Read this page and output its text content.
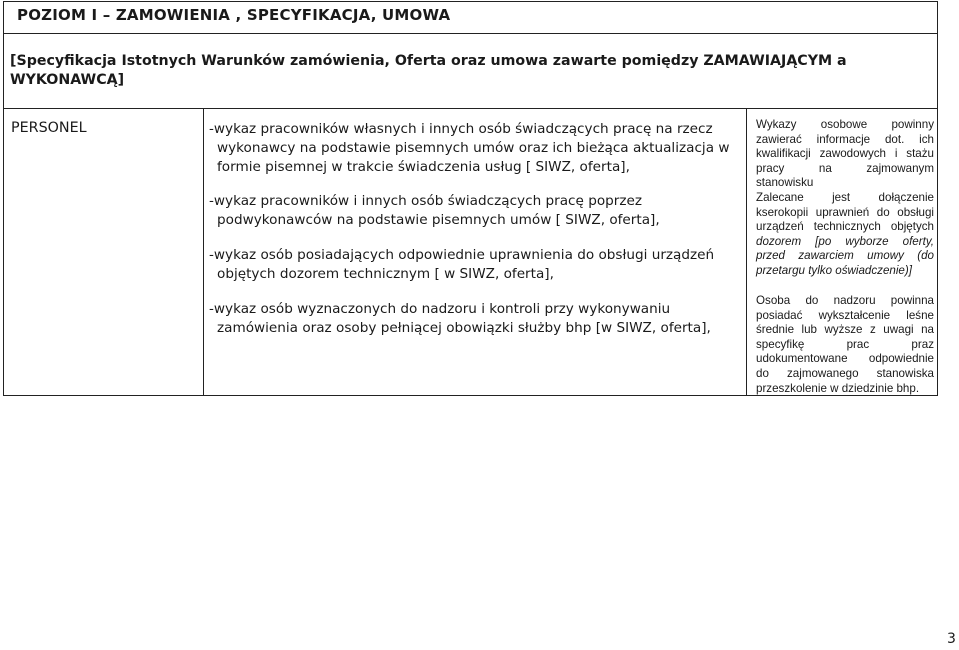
POZIOM I – ZAMOWIENIA , SPECYFIKACJA, UMOWA
[Specyfikacja Istotnych Warunków zamówienia, Oferta oraz umowa zawarte pomiędzy ZAMAWIAJĄCYM a WYKONAWCĄ]
PERSONEL	-wykaz pracowników własnych i innych osób świadczących pracę na rzecz
wykonawcy na podstawie pisemnych umów oraz ich bieżąca aktualizacja w
formie pisemnej w trakcie świadczenia usług [ SIWZ, oferta],
-wykaz pracowników i innych osób świadczących pracę poprzez
podwykonawców na podstawie pisemnych umów [ SIWZ, oferta],
-wykaz osób posiadających odpowiednie uprawnienia do obsługi urządzeń
objętych dozorem technicznym [ w SIWZ, oferta],
-wykaz osób wyznaczonych do nadzoru i kontroli przy wykonywaniu
zamówienia oraz osoby pełniącej obowiązki służby bhp [w SIWZ, oferta],
Wykazy osobowe powinny
zawierać informacje dot. ich
kwalifikacji zawodowych i stażu
pracy na zajmowanym
stanowisku
Zalecane jest dołączenie
kserokopii uprawnień do obsługi
urządzeń technicznych objętych
dozorem [po wyborze oferty,
przed zawarciem umowy (do
przetargu tylko oświadczenie)]
Osoba do nadzoru powinna
posiadać wykształcenie leśne
średnie lub wyższe z uwagi na
specyfikę prac praz
udokumentowane odpowiednie
do zajmowanego stanowiska
przeszkolenie w dziedzinie bhp.
3
